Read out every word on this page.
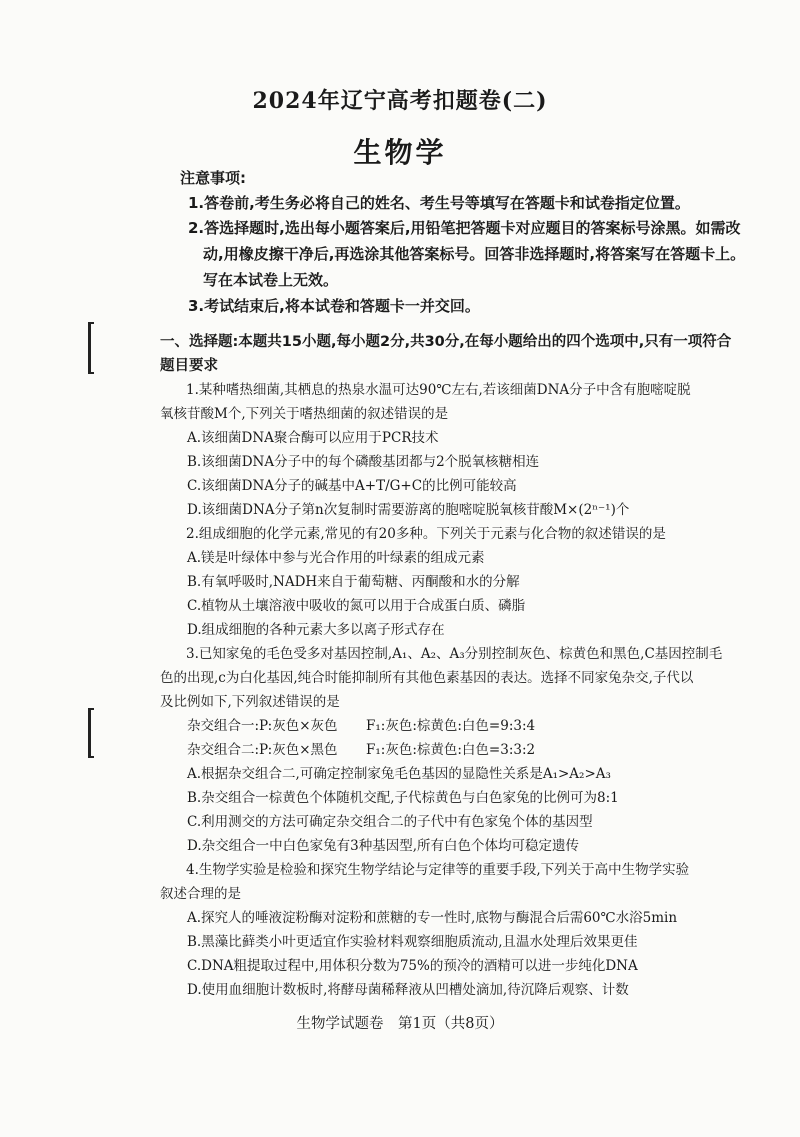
2024年辽宁高考扣题卷(二)
生物学
注意事项:
1.答卷前,考生务必将自己的姓名、考生号等填写在答题卡和试卷指定位置。
2.答选择题时,选出每小题答案后,用铅笔把答题卡对应题目的答案标号涂黑。如需改
动,用橡皮擦干净后,再选涂其他答案标号。回答非选择题时,将答案写在答题卡上。
写在本试卷上无效。
3.考试结束后,将本试卷和答题卡一并交回。
一、选择题:本题共15小题,每小题2分,共30分,在每小题给出的四个选项中,只有一项符合
题目要求
1.某种嗜热细菌,其栖息的热泉水温可达90℃左右,若该细菌DNA分子中含有胞嘧啶脱
氧核苷酸M个,下列关于嗜热细菌的叙述错误的是
A.该细菌DNA聚合酶可以应用于PCR技术
B.该细菌DNA分子中的每个磷酸基团都与2个脱氧核糖相连
C.该细菌DNA分子的碱基中A+T/G+C的比例可能较高
D.该细菌DNA分子第n次复制时需要游离的胞嘧啶脱氧核苷酸M×(2ⁿ⁻¹)个
2.组成细胞的化学元素,常见的有20多种。下列关于元素与化合物的叙述错误的是
A.镁是叶绿体中参与光合作用的叶绿素的组成元素
B.有氧呼吸时,NADH来自于葡萄糖、丙酮酸和水的分解
C.植物从土壤溶液中吸收的氮可以用于合成蛋白质、磷脂
D.组成细胞的各种元素大多以离子形式存在
3.已知家兔的毛色受多对基因控制,A₁、A₂、A₃分别控制灰色、棕黄色和黑色,C基因控制毛
色的出现,c为白化基因,纯合时能抑制所有其他色素基因的表达。选择不同家兔杂交,子代以
及比例如下,下列叙述错误的是
杂交组合一:P:灰色×灰色 F₁:灰色:棕黄色:白色=9:3:4
杂交组合二:P:灰色×黑色 F₁:灰色:棕黄色:白色=3:3:2
A.根据杂交组合二,可确定控制家兔毛色基因的显隐性关系是A₁>A₂>A₃
B.杂交组合一棕黄色个体随机交配,子代棕黄色与白色家兔的比例可为8:1
C.利用测交的方法可确定杂交组合二的子代中有色家兔个体的基因型
D.杂交组合一中白色家兔有3种基因型,所有白色个体均可稳定遗传
4.生物学实验是检验和探究生物学结论与定律等的重要手段,下列关于高中生物学实验
叙述合理的是
A.探究人的唾液淀粉酶对淀粉和蔗糖的专一性时,底物与酶混合后需60℃水浴5min
B.黑藻比藓类小叶更适宜作实验材料观察细胞质流动,且温水处理后效果更佳
C.DNA粗提取过程中,用体积分数为75%的预冷的酒精可以进一步纯化DNA
D.使用血细胞计数板时,将酵母菌稀释液从凹槽处滴加,待沉降后观察、计数
生物学试题卷　第1页（共8页）
